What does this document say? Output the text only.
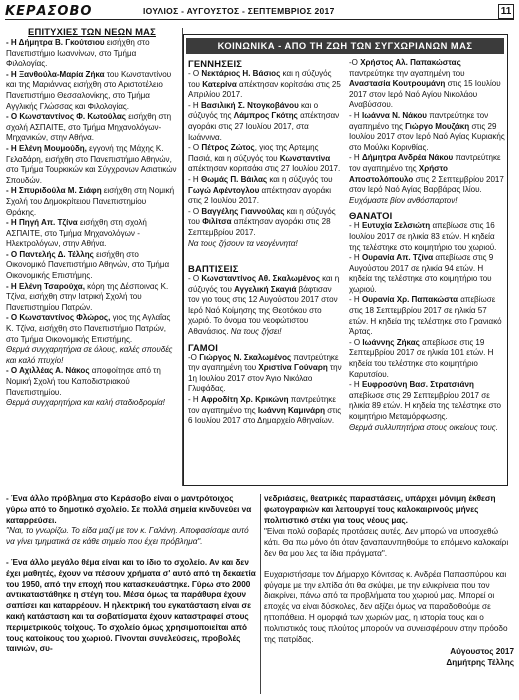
ΚΕΡΑΣΟΒΟ	ΙΟΥΛΙΟΣ - ΑΥΓΟΥΣΤΟΣ - ΣΕΠΤΕΜΒΡΙΟΣ 2017	11

ΕΠΙΤΥΧΙΕΣ ΤΩΝ ΝΕΩΝ ΜΑΣ

- Η Δήμητρα Β. Γκούτσιου εισήχθη στο Πανεπιστήμιο Ιωαννίνων, στο Τμήμα Φιλολογίας.

- Η Ξανθούλα-Μαρία Ζήκα του Κωνσταντίνου και της Μαριάννας εισήχθη στο Αριστοτέλειο Πανεπιστήμιο Θεσσαλονίκης, στο Τμήμα Αγγλικής Γλώσσας και Φιλολογίας.

- Ο Κωνσταντίνος Φ. Κωτούλας εισήχθη στη σχολή ΑΣΠΑΙΤΕ, στο Τμήμα Μηχανολόγων-Μηχανικών, στην Αθήνα.

- Η Ελένη Μουμούδη, εγγονή της Μάχης Κ. Γελαδάρη, εισήχθη στο Πανεπιστήμιο Αθηνών, στο Τμήμα Τουρκικών και Σύγχρονων Ασιατικών Σπουδών.

- Η Σπυριδούλα Μ. Σιάφη εισήχθη στη Νομική Σχολή του Δημοκρίτειου Πανεπιστημίου Θράκης.

- Η Πηγή Απ. Τζίνα εισήχθη στη σχολή ΑΣΠΑΙΤΕ, στο Τμήμα Μηχανολόγων - Ηλεκτρολόγων, στην Αθήνα.

- Ο Παντελής Δ. Τέλλης εισήχθη στο Οικονομικό Πανεπιστήμιο Αθηνών, στο Τμήμα Οικονομικής Επιστήμης.

- Η Ελένη Τσαρούχα, κόρη της Δέσποινας Κ. Τζίνα, εισήχθη στην Ιατρική Σχολή του Πανεπιστημίου Πατρών.

- Ο Κωνσταντίνος Φλώρος, γιος της Αγλαΐας Κ. Τζίνα, εισήχθη στο Πανεπιστήμιο Πατρών, στο Τμήμα Οικονομικής Επιστήμης.

Θερμά συγχαρητήρια σε όλους, καλές σπουδές και καλό πτυχίο!

- Ο Αχιλλέας Α. Νάκος αποφοίτησε από τη Νομική Σχολή του Καποδιστριακού Πανεπιστημίου.

Θερμά συγχαρητήρια και καλή σταδιοδρομία!

ΚΟΙΝΩΝΙΚΑ - ΑΠΟ ΤΗ ΖΩΗ ΤΩΝ ΣΥΓΧΩΡΙΑΝΩΝ ΜΑΣ

ΓΕΝΝΗΣΕΙΣ

- Ο Νεκτάριος Η. Βάσιος και η σύζυγός του Κατερίνα απέκτησαν κορίτσάκι στις 25 Απριλίου 2017.

- Η Βασιλική Σ. Ντογκοβάνου και ο σύζυγός της Λάμπρος Γκότης απέκτησαν αγοράκι στις 27 Ιουλίου 2017, στα Ιωάννινα.

- Ο Πέτρος Ζώτος, γιος της Αρτεμης Πασιά, και η σύζυγός του Κωνσταντίνα απέκτησαν κοριτσάκι στις 27 Ιουλίου 2017.

- Η Θωμάς Π. Βάιλας και η σύζυγός του Γωγώ Αφέντογλου απέκτησαν αγοράκι στις 2 Ιουλίου 2017.

- Ο Βαγγέλης Γιαννούλας και η σύζυγός του Φιλίτσα απέκτησαν αγοράκι στις 28 Σεπτεμβρίου 2017.

Να τους ζήσουν τα νεογέννητα!

ΒΑΠΤΙΣΕΙΣ

- Ο Κωνσταντίνος Αθ. Σκαλωμένος και η σύζυγός του Αγγελική Σκαγιά βάφτισαν τον γιο τους στις 12 Αυγούστου 2017 στον Ιερό Ναό Κοίμησης της Θεοτόκου στο χωριό. Το όνομα του νεοφώτιστου Αθανάσιος. Να τους ζήσει!

ΓΑΜΟΙ

-Ο Γιώργος Ν. Σκαλωμένος παντρεύτηκε την αγαπημένη του Χριστίνα Γούναρη την 1η Ιουλίου 2017 στον Άγιο Νικόλαο Γλυφάδας.

- Η Αφροδίτη Χρ. Κρικώνη παντρεύτηκε τον αγαπημένο της Ιωάννη Καμινάρη στις 6 Ιουλίου 2017 στο Δημαρχείο Αθηναίων.

-Ο Χρήστος Αλ. Παπακώστας παντρεύτηκε την αγαπημένη του Αναστασία Κουτρουμάνη στις 15 Ιουλίου 2017 στον Ιερό Ναό Αγίου Νικολάου Αναβύσσου.

- Η Ιωάννα Ν. Νάκου παντρεύτηκε τον αγαπημένο της Γιώργο Μουζάκη στις 29 Ιουλίου 2017 στον Ιερό Ναό Αγίας Κυριακής στο Μούλκι Κορινθίας.

- Η Δήμητρα Ανδρέα Νάκου παντρεύτηκε τον αγαπημένο της Χρήστο Αποστολόπουλο στις 2 Σεπτεμβρίου 2017 στον Ιερό Ναό Αγίας Βαρβάρας Ιλίου.

Ευχόμαστε βίον ανθόσπαρτον!

ΘΑΝΑΤΟΙ

- Η Ευτυχία Σελσιώτη απεβίωσε στις 16 Ιουλίου 2017 σε ηλικία 83 ετών. Η κηδεία της τελέστηκε στο κοιμητήριο του χωριού.

- Η Ουρανία Απ. Τζίνα απεβίωσε στις 9 Αυγούστου 2017 σε ηλικία 94 ετών. Η κηδεία της τελέστηκε στο κοιμητήριο του χωριού.

- Η Ουρανία Χρ. Παπακώστα απεβίωσε στις 18 Σεπτεμβρίου 2017 σε ηλικία 57 ετών. Η κηδεία της τελέστηκε στο Γρανιακό Άρτας.

- Ο Ιωάννης Ζήκας απεβίωσε στις 19 Σεπτεμβρίου 2017 σε ηλικία 101 ετών. Η κηδεία του τελέστηκε στο κοιμητήριο Καρυτσίου.

- Η Ευφροσύνη Βασ. Στρατσιάνη απεβίωσε στις 29 Σεπτεμβρίου 2017 σε ηλικία 89 ετών. Η κηδεία της τελέστηκε στο κοιμητήριο Μεταμόρφωσης.

Θερμά συλλυπητήρια στους οικείους τους.

- Ένα άλλο πρόβλημα στο Κεράσοβο είναι ο μαντρότοιχος γύρω από το δημοτικό σχολείο. Σε πολλά σημεία κινδυνεύει να καταρρεύσει.

"Ναι, το γνωρίζω. Το είδα μαζί με τον κ. Γαλάνη. Αποφασίσαμε αυτό να γίνει τμηματικά σε κάθε σημείο που έχει πρόβλημα".

- Ένα άλλο μεγάλο θέμα είναι και το ίδιο το σχολείο. Αν και δεν έχει μαθητές, έχουν να πέσουν χρήματα σ' αυτό από τη δεκαετία του 1950, από την εποχή που κατασκευάστηκε. Γύρω στο 2000 αντικαταστάθηκε η στέγη του. Μέσα όμως τα παράθυρα έχουν σαπίσει και καταρρέουν. Η ηλεκτρική του εγκατάσταση είναι σε κακή κατάσταση και τα σοβατίσματα έχουν καταστραφεί στους περιμετρικούς τοίχους. Το σχολείο όμως χρησιμοποιείται από τους κατοίκους του χωριού. Γίνονται συνελεύσεις, προβολές ταινιών, συ-

νεδριάσεις, θεατρικές παραστάσεις, υπάρχει μόνιμη έκθεση φωτογραφιών και λειτουργεί τους καλοκαιρινούς μήνες πολιτιστικό στέκι για τους νέους μας.

"Είναι πολύ σοβαρές προτάσεις αυτές. Δεν μπορώ να υποσχεθώ κάτι. Θα πω μόνο ότι όταν ξαναπαυνπηθούμε το επόμενο καλοκαίρι δεν θα μου λες τα ίδια πράγματα".

Ευχαριστήσαμε τον Δήμαρχο Κόνιτσας κ. Ανδρέα Παπασπύρου και φύγαμε με την ελπίδα ότι θα σκύψει, με την ειλικρίνεια που τον διακρίνει, πάνω από τα προβλήματα του χωριού μας. Μπορεί οι εποχές να είναι δύσκολες, δεν αξίζει όμως να παραδοθούμε σε ηττοπάθεια. Η ομορφιά των χωριών μας, η ιστορία τους και ο πολιτιστικός τους πλούτος μπορούν να συνεισφέρουν στην πρόοδο της πατρίδας.

Αύγουστος 2017

Δημήτρης Τέλλης
